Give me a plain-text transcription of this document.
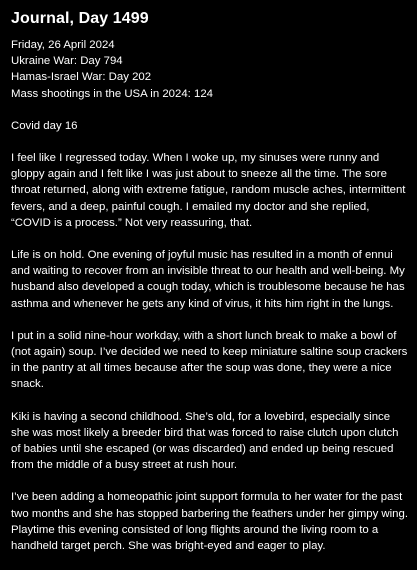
Journal, Day 1499

Friday, 26 April 2024

Ukraine War: Day 794

Hamas-Israel War: Day 202

Mass shootings in the USA in 2024: 124

Covid day 16

I feel like I regressed today. When I woke up, my sinuses were runny and gloppy again and I felt like I was just about to sneeze all the time. The sore throat returned, along with extreme fatigue, random muscle aches, intermittent fevers, and a deep, painful cough. I emailed my doctor and she replied, “COVID is a process.” Not very reassuring, that.

Life is on hold. One evening of joyful music has resulted in a month of ennui and waiting to recover from an invisible threat to our health and well-being. My husband also developed a cough today, which is troublesome because he has asthma and whenever he gets any kind of virus, it hits him right in the lungs.

I put in a solid nine-hour workday, with a short lunch break to make a bowl of (not again) soup. I’ve decided we need to keep miniature saltine soup crackers in the pantry at all times because after the soup was done, they were a nice snack.

Kiki is having a second childhood. She’s old, for a lovebird, especially since she was most likely a breeder bird that was forced to raise clutch upon clutch of babies until she escaped (or was discarded) and ended up being rescued from the middle of a busy street at rush hour.

I’ve been adding a homeopathic joint support formula to her water for the past two months and she has stopped barbering the feathers under her gimpy wing. Playtime this evening consisted of long flights around the living room to a handheld target perch. She was bright-eyed and eager to play.
